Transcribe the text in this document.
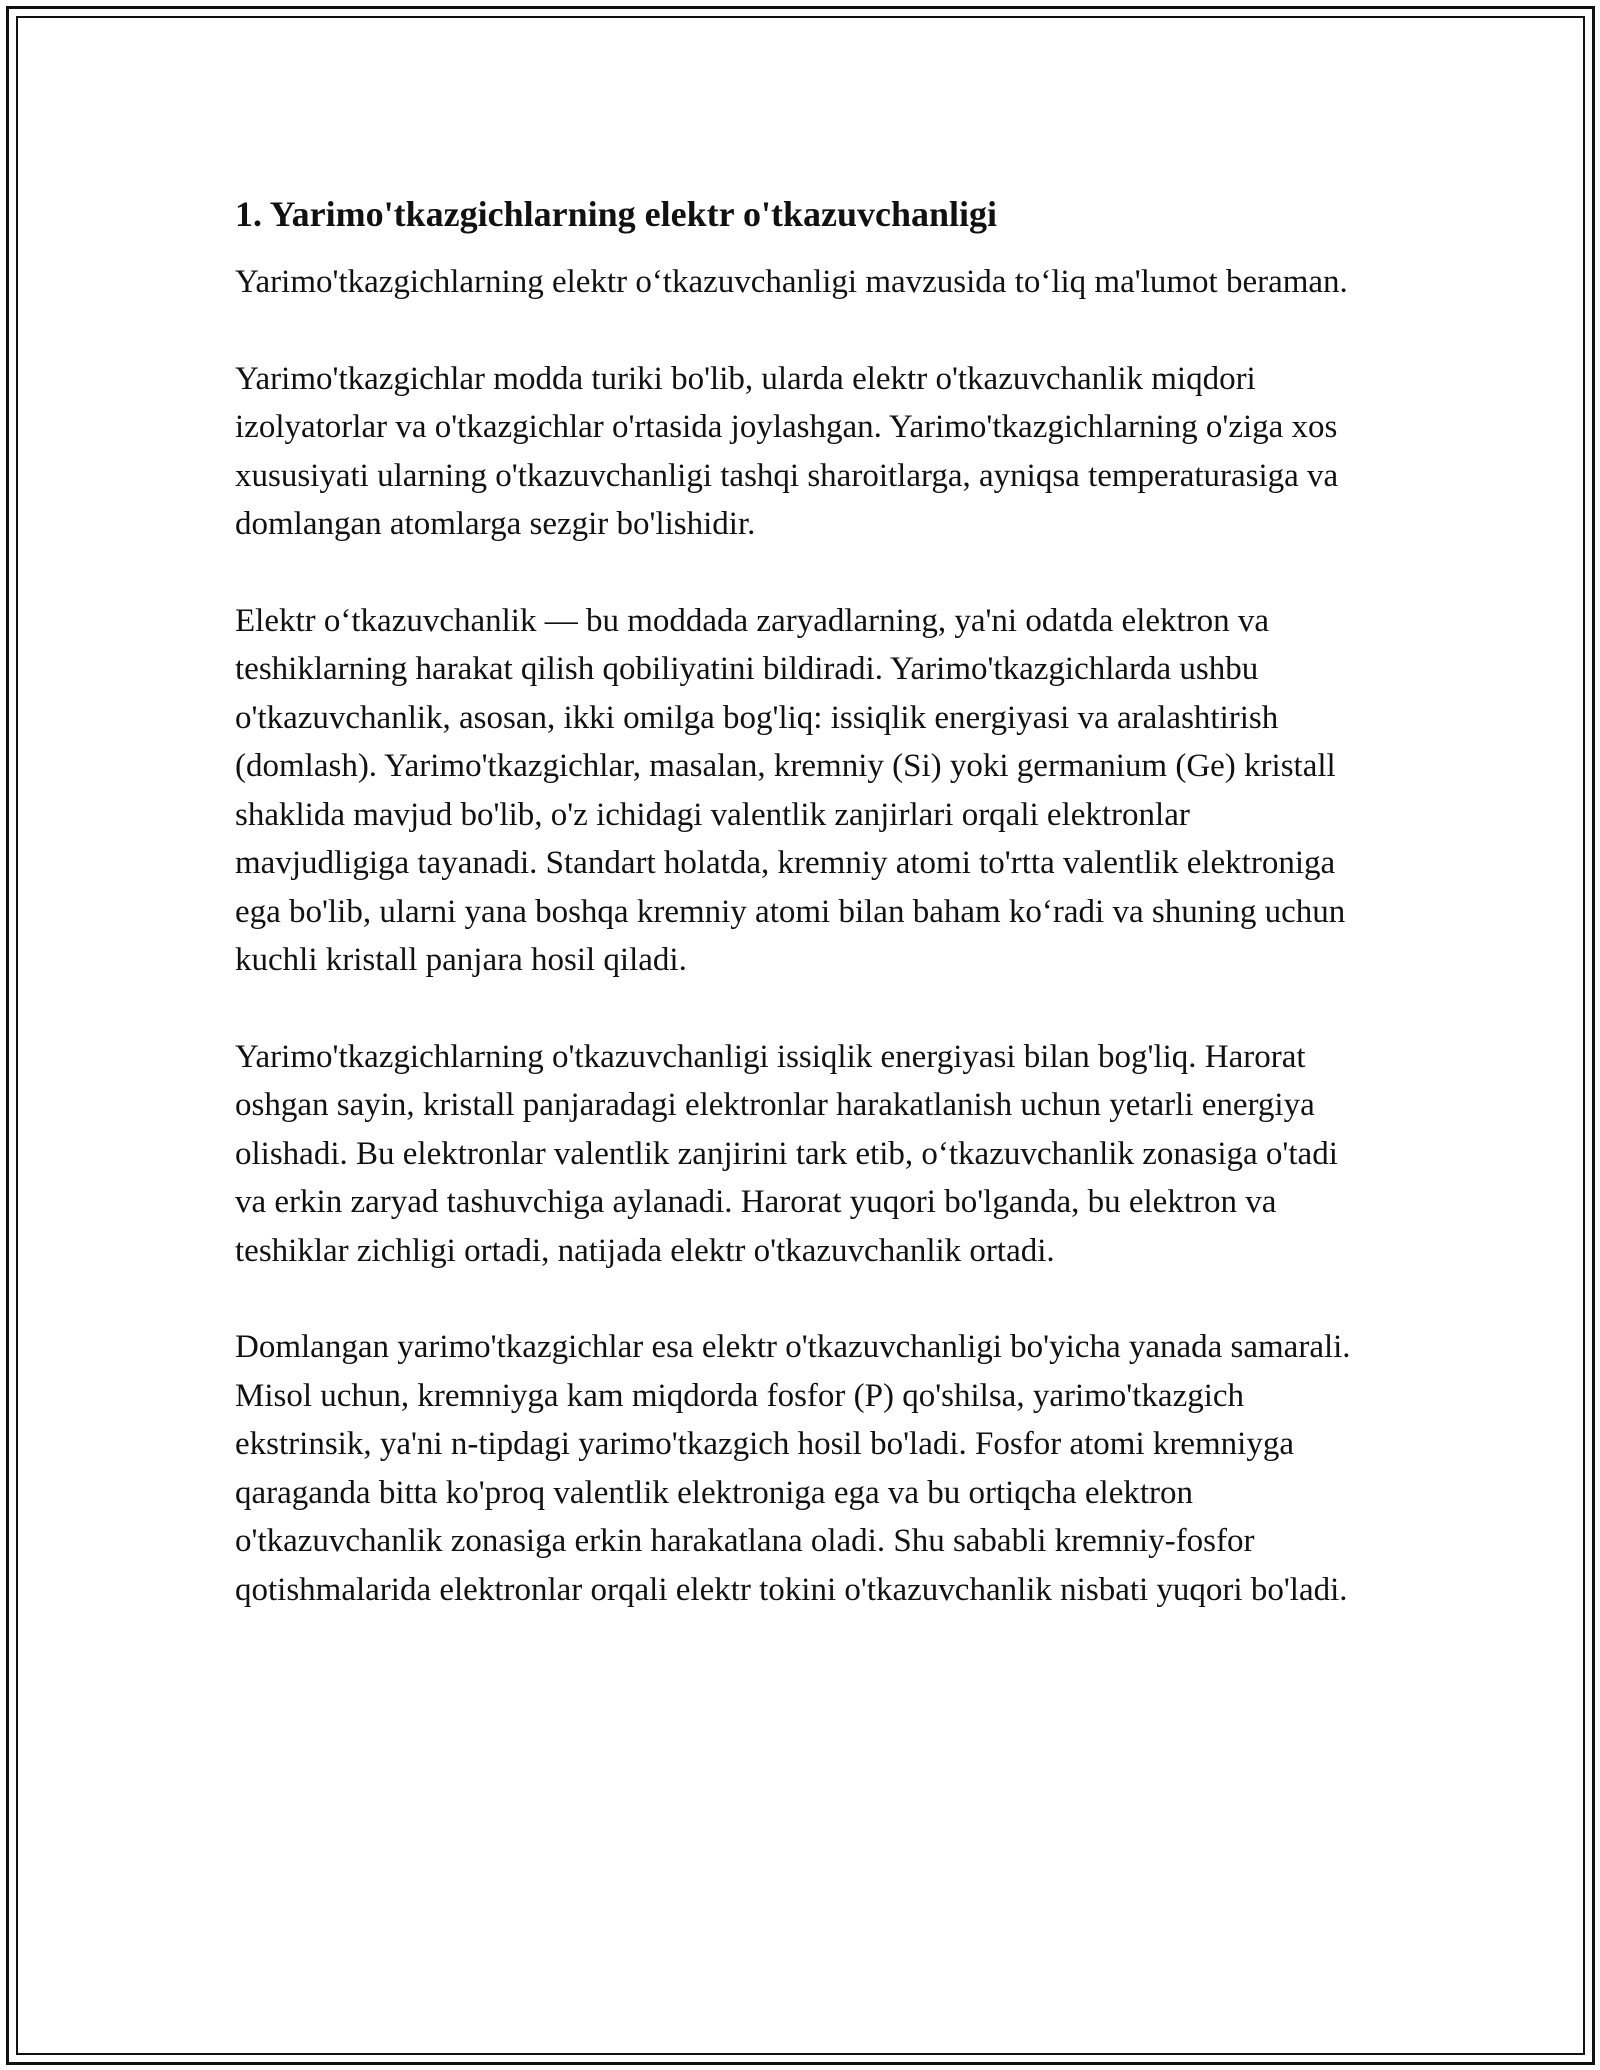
1. Yarimo'tkazgichlarning elektr o'tkazuvchanligi

Yarimo'tkazgichlarning elektr o‘tkazuvchanligi mavzusida to‘liq ma'lumot beraman.

Yarimo'tkazgichlar modda turiki bo'lib, ularda elektr o'tkazuvchanlik miqdori izolyatorlar va o'tkazgichlar o'rtasida joylashgan. Yarimo'tkazgichlarning o'ziga xos xususiyati ularning o'tkazuvchanligi tashqi sharoitlarga, ayniqsa temperaturasiga va domlangan atomlarga sezgir bo'lishidir.

Elektr o‘tkazuvchanlik — bu moddada zaryadlarning, ya'ni odatda elektron va teshiklarning harakat qilish qobiliyatini bildiradi. Yarimo'tkazgichlarda ushbu o'tkazuvchanlik, asosan, ikki omilga bog'liq: issiqlik energiyasi va aralashtirish (domlash). Yarimo'tkazgichlar, masalan, kremniy (Si) yoki germanium (Ge) kristall shaklida mavjud bo'lib, o'z ichidagi valentlik zanjirlari orqali elektronlar mavjudligiga tayanadi. Standart holatda, kremniy atomi to'rtta valentlik elektroniga ega bo'lib, ularni yana boshqa kremniy atomi bilan baham ko‘radi va shuning uchun kuchli kristall panjara hosil qiladi.

Yarimo'tkazgichlarning o'tkazuvchanligi issiqlik energiyasi bilan bog'liq. Harorat oshgan sayin, kristall panjaradagi elektronlar harakatlanish uchun yetarli energiya olishadi. Bu elektronlar valentlik zanjirini tark etib, o‘tkazuvchanlik zonasiga o'tadi va erkin zaryad tashuvchiga aylanadi. Harorat yuqori bo'lganda, bu elektron va teshiklar zichligi ortadi, natijada elektr o'tkazuvchanlik ortadi.

Domlangan yarimo'tkazgichlar esa elektr o'tkazuvchanligi bo'yicha yanada samarali. Misol uchun, kremniyga kam miqdorda fosfor (P) qo'shilsa, yarimo'tkazgich ekstrinsik, ya'ni n-tipdagi yarimo'tkazgich hosil bo'ladi. Fosfor atomi kremniyga qaraganda bitta ko'proq valentlik elektroniga ega va bu ortiqcha elektron o'tkazuvchanlik zonasiga erkin harakatlana oladi. Shu sababli kremniy-fosfor qotishmalarida elektronlar orqali elektr tokini o'tkazuvchanlik nisbati yuqori bo'ladi.
